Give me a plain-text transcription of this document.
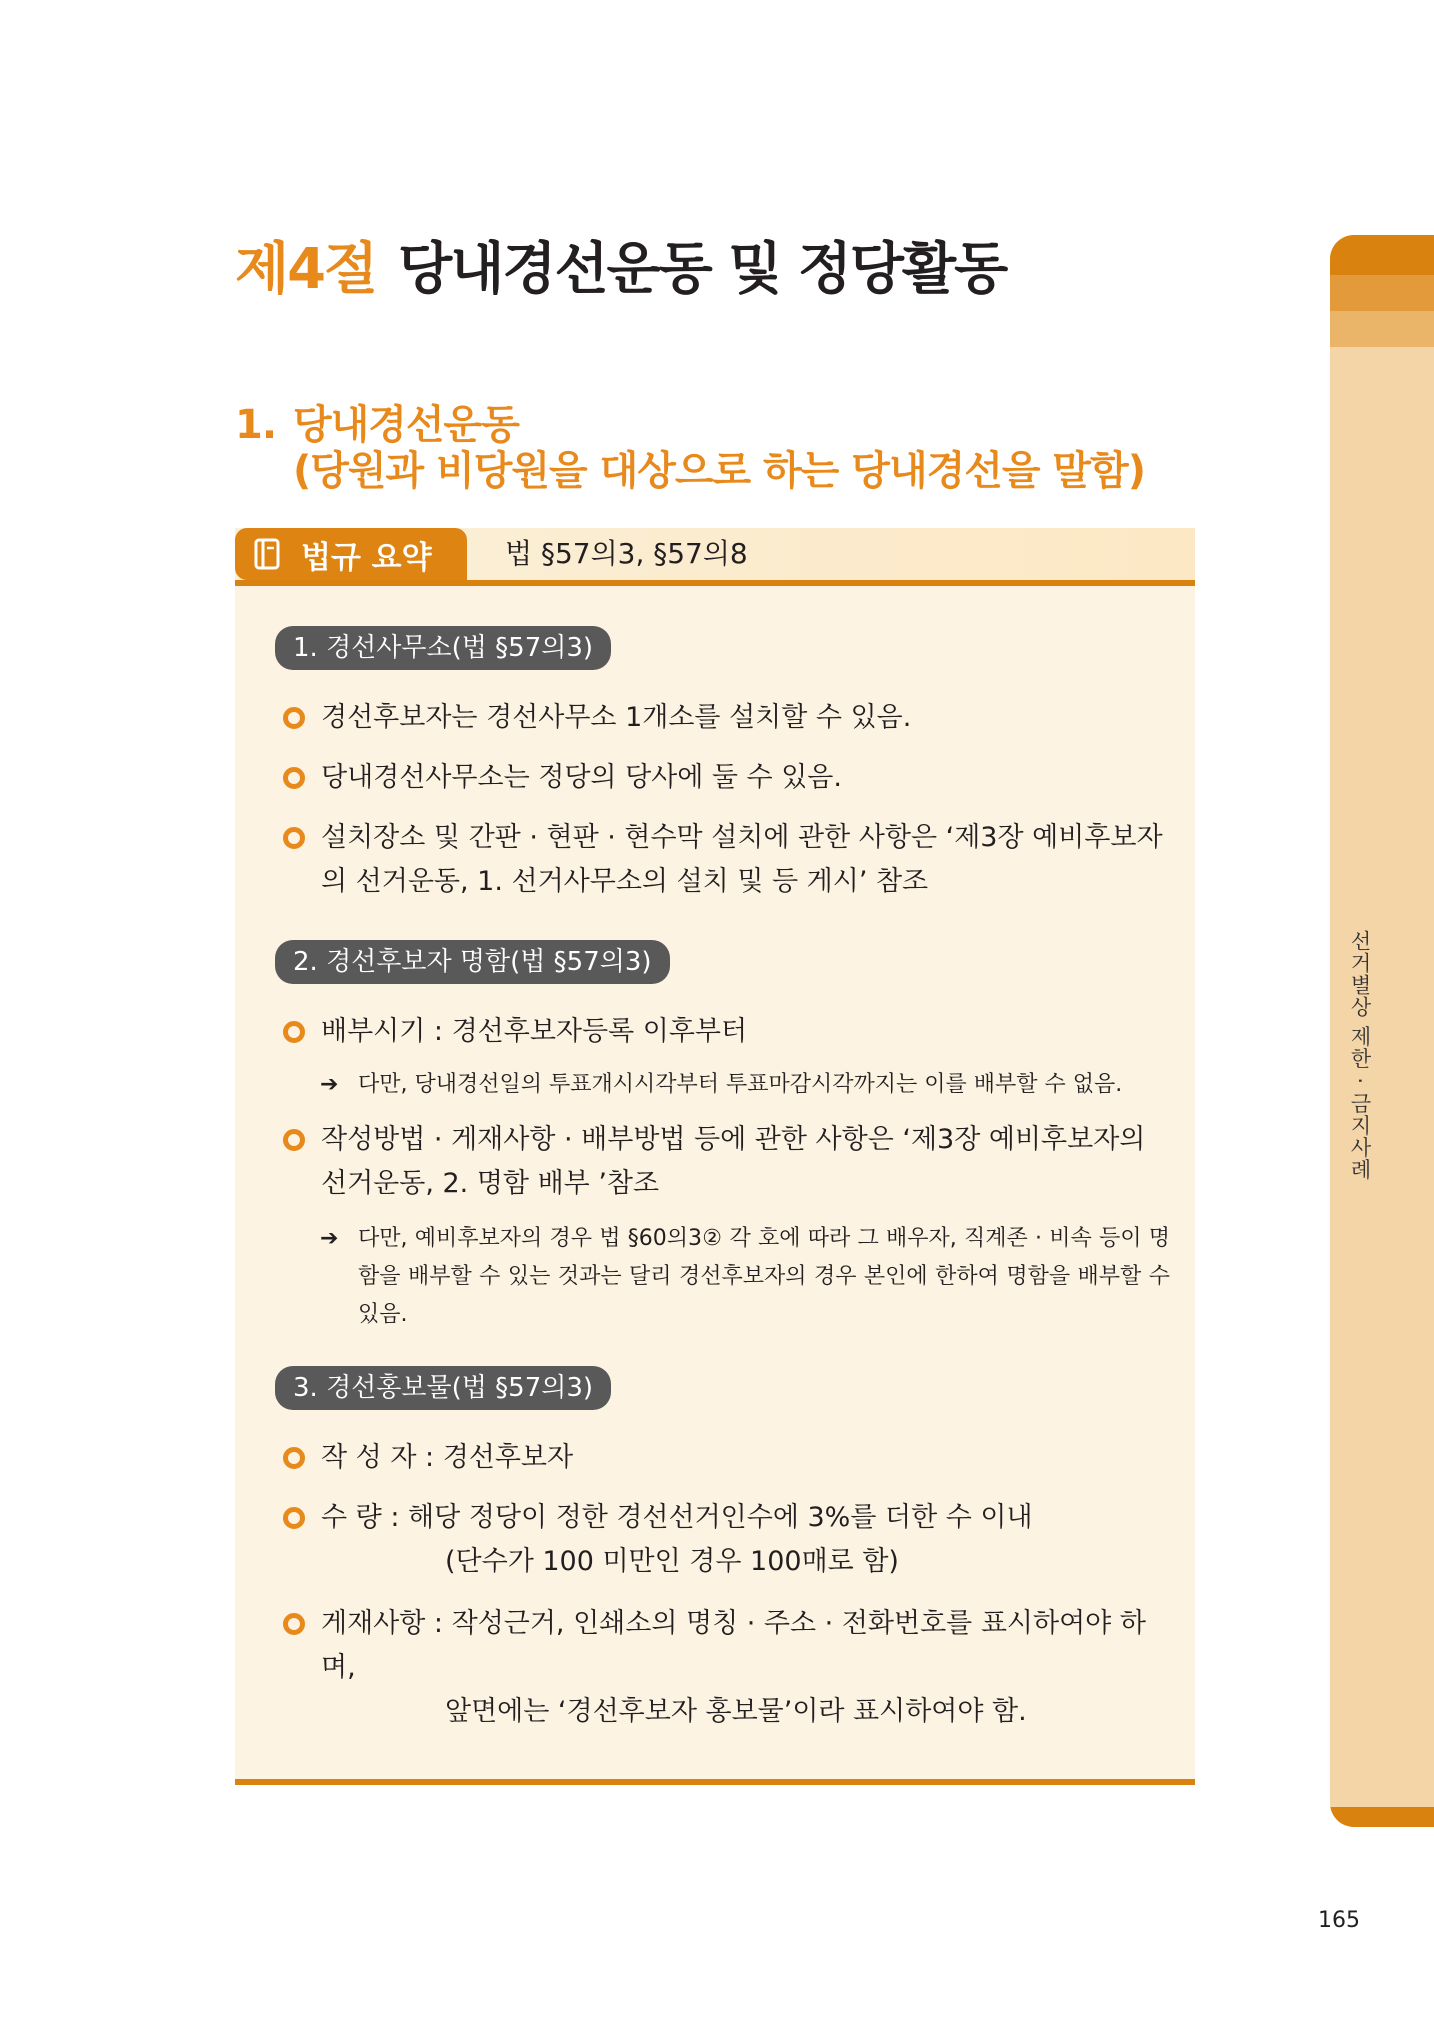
제4절 당내경선운동 및 정당활동
선거별상 제한 · 금지사례
1. 당내경선운동
(당원과 비당원을 대상으로 하는 당내경선을 말함)
법규 요약	법 §57의3, §57의8
1. 경선사무소(법 §57의3)
경선후보자는 경선사무소 1개소를 설치할 수 있음.
당내경선사무소는 정당의 당사에 둘 수 있음.
설치장소 및 간판 · 현판 · 현수막 설치에 관한 사항은 ‘제3장 예비후보자의 선거운동, 1. 선거사무소의 설치 및 등 게시’ 참조
2. 경선후보자 명함(법 §57의3)
배부시기 : 경선후보자등록 이후부터
➔ 다만, 당내경선일의 투표개시시각부터 투표마감시각까지는 이를 배부할 수 없음.
작성방법 · 게재사항 · 배부방법 등에 관한 사항은 ‘제3장 예비후보자의 선거운동, 2. 명함 배부 ’참조
➔ 다만, 예비후보자의 경우 법 §60의3② 각 호에 따라 그 배우자, 직계존 · 비속 등이 명함을 배부할 수 있는 것과는 달리 경선후보자의 경우 본인에 한하여 명함을 배부할 수 있음.
3. 경선홍보물(법 §57의3)
작 성 자 : 경선후보자
수 량 : 해당 정당이 정한 경선선거인수에 3%를 더한 수 이내
(단수가 100 미만인 경우 100매로 함)
게재사항 : 작성근거, 인쇄소의 명칭 · 주소 · 전화번호를 표시하여야 하며,
앞면에는 ‘경선후보자 홍보물’이라 표시하여야 함.
165
